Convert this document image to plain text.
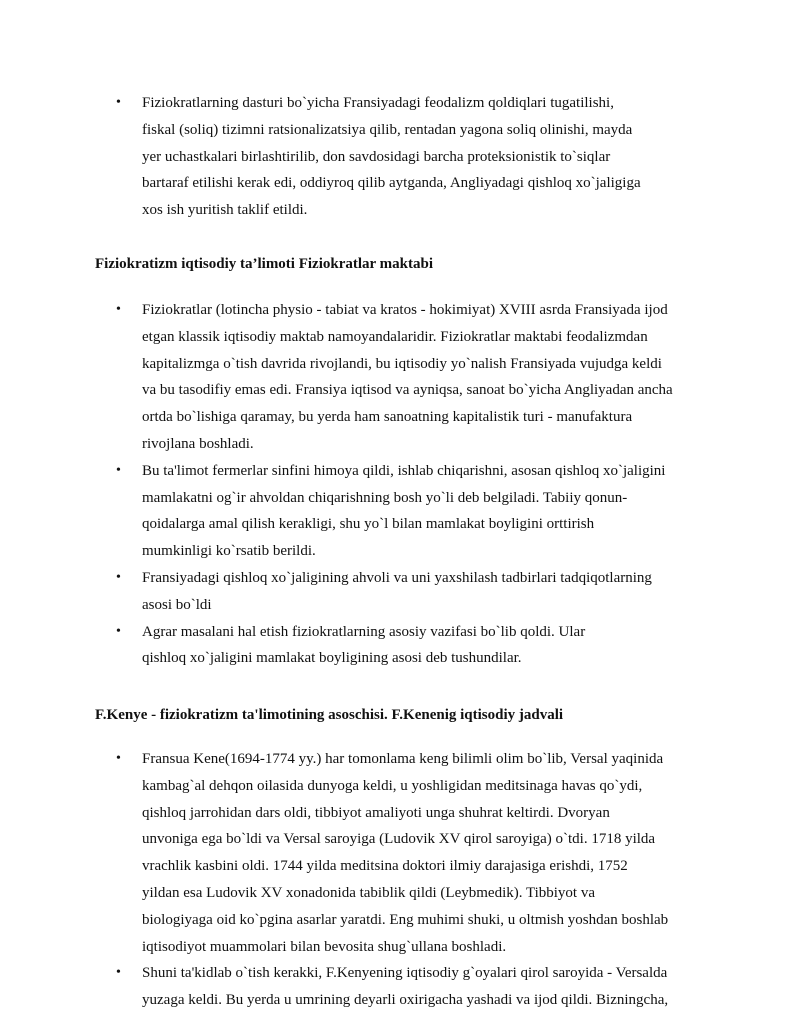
• Fiziokratlarning dasturi bo`yicha Fransiyadagi feodalizm qoldiqlari tugatilishi,
fiskal (soliq) tizimni ratsionalizatsiya qilib, rentadan yagona soliq olinishi, mayda
yer uchastkalari birlashtirilib, don savdosidagi barcha proteksionistik to`siqlar
bartaraf etilishi kerak edi, oddiyroq qilib aytganda, Angliyadagi qishloq xo`jaligiga
xos ish yuritish taklif etildi.
Fiziokratizm iqtisodiy ta’limoti Fiziokratlar maktabi
• Fiziokratlar (lotincha physio - tabiat va kratos - hokimiyat) XVIII asrda Fransiyada ijod
etgan klassik iqtisodiy maktab namoyandalaridir. Fiziokratlar maktabi feodalizmdan
kapitalizmga o`tish davrida rivojlandi, bu iqtisodiy yo`nalish Fransiyada vujudga keldi
va bu tasodifiy emas edi. Fransiya iqtisod va ayniqsa, sanoat bo`yicha Angliyadan ancha
ortda bo`lishiga qaramay, bu yerda ham sanoatning kapitalistik turi - manufaktura
rivojlana boshladi.
• Bu ta'limot fermerlar sinfini himoya qildi, ishlab chiqarishni, asosan qishloq xo`jaligini
mamlakatni og`ir ahvoldan chiqarishning bosh yo`li deb belgiladi. Tabiiy qonun-
qoidalarga amal qilish kerakligi, shu yo`l bilan mamlakat boyligini orttirish
mumkinligi ko`rsatib berildi.
• Fransiyadagi qishloq xo`jaligining ahvoli va uni yaxshilash tadbirlari tadqiqotlarning
asosi bo`ldi
• Agrar masalani hal etish fiziokratlarning asosiy vazifasi bo`lib qoldi. Ular
qishloq xo`jaligini mamlakat boyligining asosi deb tushundilar.
F.Kenye - fiziokratizm ta'limotining asoschisi. F.Kenenig iqtisodiy jadvali
• Fransua Kene(1694-1774 yy.) har tomonlama keng bilimli olim bo`lib, Versal yaqinida
kambag`al dehqon oilasida dunyoga keldi, u yoshligidan meditsinaga havas qo`ydi,
qishloq jarrohidan dars oldi, tibbiyot amaliyoti unga shuhrat keltirdi. Dvoryan
unvoniga ega bo`ldi va Versal saroyiga (Ludovik XV qirol saroyiga) o`tdi. 1718 yilda
vrachlik kasbini oldi. 1744 yilda meditsina doktori ilmiy darajasiga erishdi, 1752
yildan esa Ludovik XV xonadonida tabiblik qildi (Leybmedik). Tibbiyot va
biologiyaga oid ko`pgina asarlar yaratdi. Eng muhimi shuki, u oltmish yoshdan boshlab
iqtisodiyot muammolari bilan bevosita shug`ullana boshladi.
• Shuni ta'kidlab o`tish kerakki, F.Kenyening iqtisodiy g`oyalari qirol saroyida - Versalda
yuzaga keldi. Bu yerda u umrining deyarli oxirigacha yashadi va ijod qildi. Bizningcha,
